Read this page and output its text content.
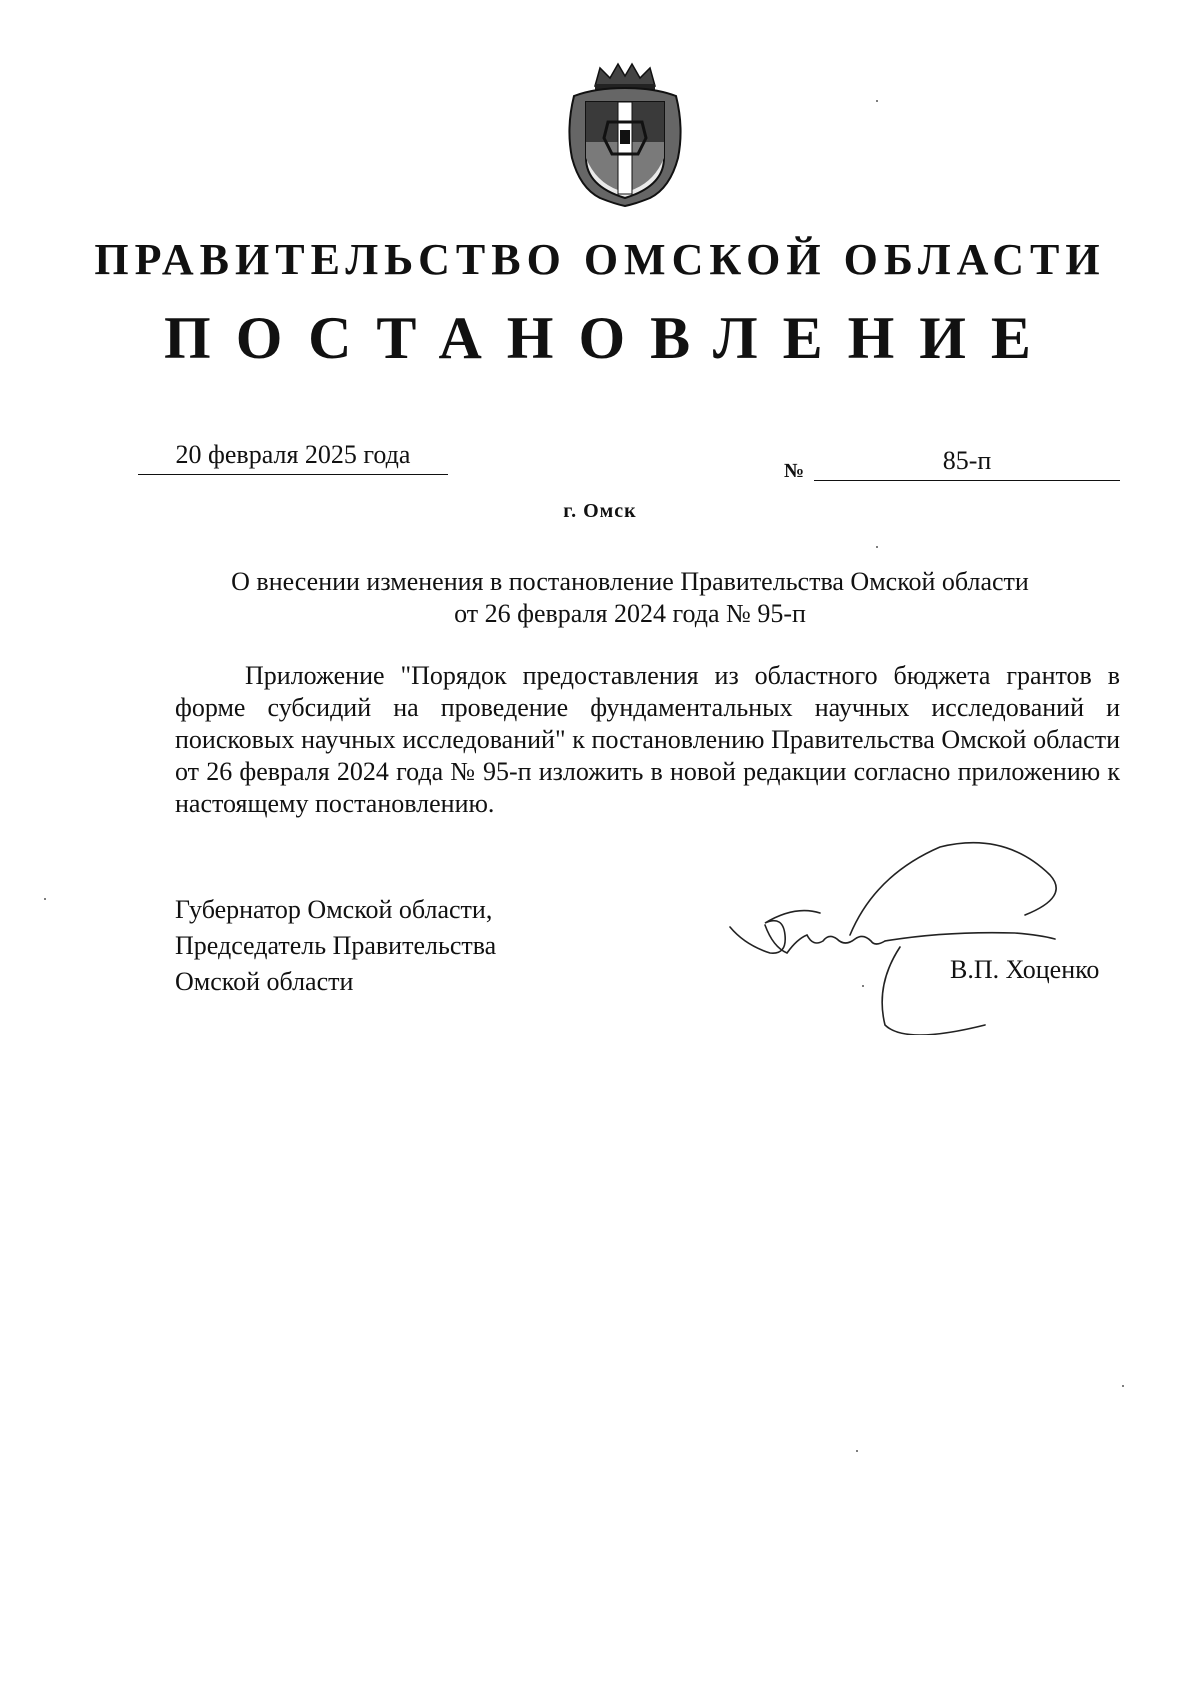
ПРАВИТЕЛЬСТВО ОМСКОЙ ОБЛАСТИ
ПОСТАНОВЛЕНИЕ
20 февраля 2025 года
№	85-п
г. Омск
О внесении изменения в постановление Правительства Омской области
от 26 февраля 2024 года № 95-п
Приложение "Порядок предоставления из областного бюджета грантов в форме субсидий на проведение фундаментальных научных исследований и поисковых научных исследований" к постановлению Правительства Омской области от 26 февраля 2024 года № 95-п изложить в новой редакции согласно приложению к настоящему постановлению.
Губернатор Омской области,
Председатель Правительства
Омской области	В.П. Хоценко
